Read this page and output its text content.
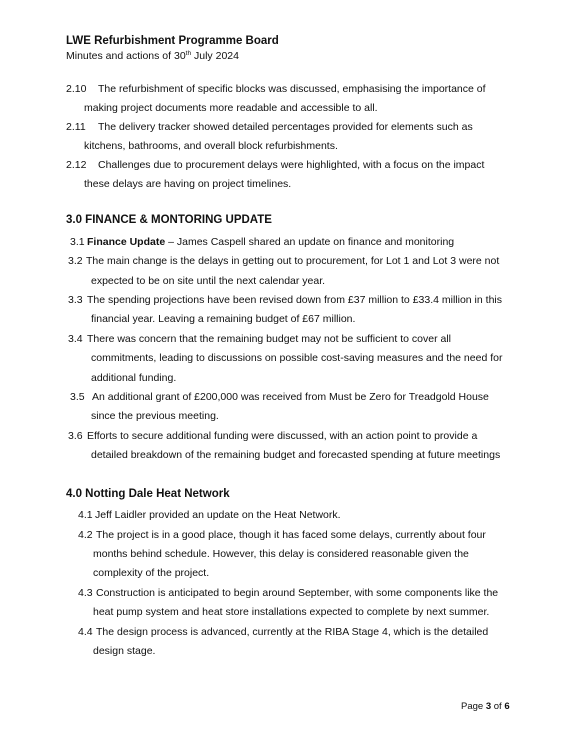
LWE Refurbishment Programme Board
Minutes and actions of 30th July 2024
2.10 The refurbishment of specific blocks was discussed, emphasising the importance of
making project documents more readable and accessible to all.
2.11 The delivery tracker showed detailed percentages provided for elements such as
kitchens, bathrooms, and overall block refurbishments.
2.12 Challenges due to procurement delays were highlighted, with a focus on the impact
these delays are having on project timelines.
3.0 FINANCE & MONTORING UPDATE
3.1 Finance Update – James Caspell shared an update on finance and monitoring
3.2 The main change is the delays in getting out to procurement, for Lot 1 and Lot 3 were not
expected to be on site until the next calendar year.
3.3 The spending projections have been revised down from £37 million to £33.4 million in this
financial year. Leaving a remaining budget of £67 million.
3.4 There was concern that the remaining budget may not be sufficient to cover all
commitments, leading to discussions on possible cost-saving measures and the need for
additional funding.
3.5 An additional grant of £200,000 was received from Must be Zero for Treadgold House
since the previous meeting.
3.6 Efforts to secure additional funding were discussed, with an action point to provide a
detailed breakdown of the remaining budget and forecasted spending at future meetings
4.0 Notting Dale Heat Network
4.1 Jeff Laidler provided an update on the Heat Network.
4.2 The project is in a good place, though it has faced some delays, currently about four
months behind schedule. However, this delay is considered reasonable given the
complexity of the project.
4.3 Construction is anticipated to begin around September, with some components like the
heat pump system and heat store installations expected to complete by next summer.
4.4 The design process is advanced, currently at the RIBA Stage 4, which is the detailed
design stage.
Page 3 of 6
